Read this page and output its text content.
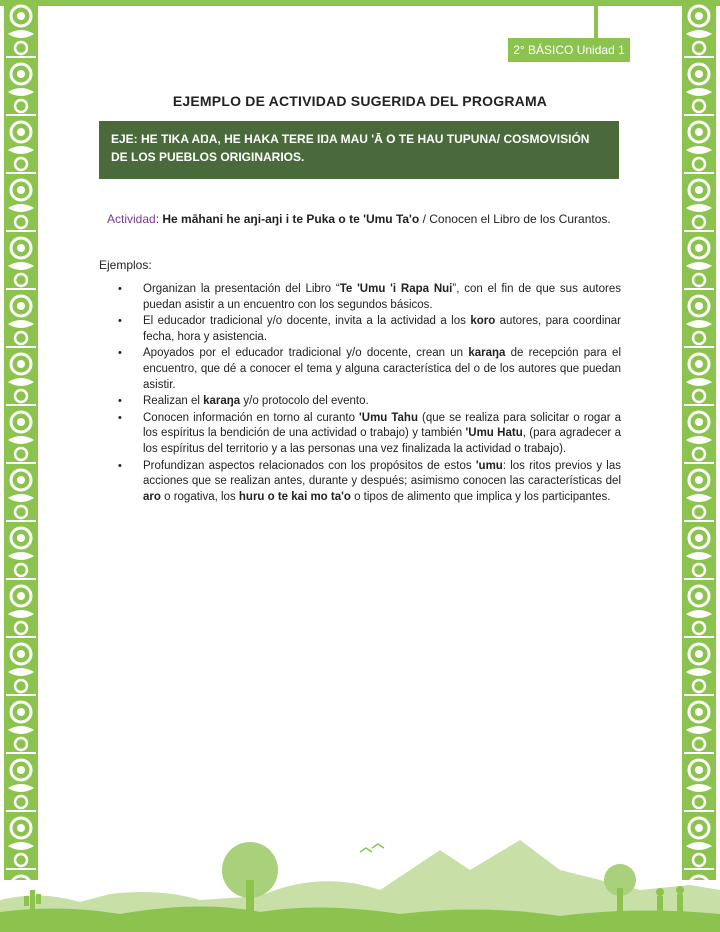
2° BÁSICO Unidad 1
EJEMPLO DE ACTIVIDAD SUGERIDA DEL PROGRAMA
EJE: HE TIKA AŊA, HE HAKA TERE IŊA MAU 'Ā O TE HAU TUPUNA/ COSMOVISIÓN DE LOS PUEBLOS ORIGINARIOS.
Actividad: He māhani he aŋi-aŋi i te Puka o te 'Umu Ta'o / Conocen el Libro de los Curantos.
Ejemplos:
• Organizan la presentación del Libro “Te 'Umu 'i Rapa Nui”, con el fin de que sus autores puedan asistir a un encuentro con los segundos básicos.
• El educador tradicional y/o docente, invita a la actividad a los koro autores, para coordinar fecha, hora y asistencia.
• Apoyados por el educador tradicional y/o docente, crean un karaŋa de recepción para el encuentro, que dé a conocer el tema y alguna característica del o de los autores que puedan asistir.
• Realizan el karaŋa y/o protocolo del evento.
• Conocen información en torno al curanto 'Umu Tahu (que se realiza para solicitar o rogar a los espíritus la bendición de una actividad o trabajo) y también 'Umu Hatu, (para agradecer a los espíritus del territorio y a las personas una vez finalizada la actividad o trabajo).
• Profundizan aspectos relacionados con los propósitos de estos 'umu: los ritos previos y las acciones que se realizan antes, durante y después; asimismo conocen las características del aro o rogativa, los huru o te kai mo ta'o o tipos de alimento que implica y los participantes.
